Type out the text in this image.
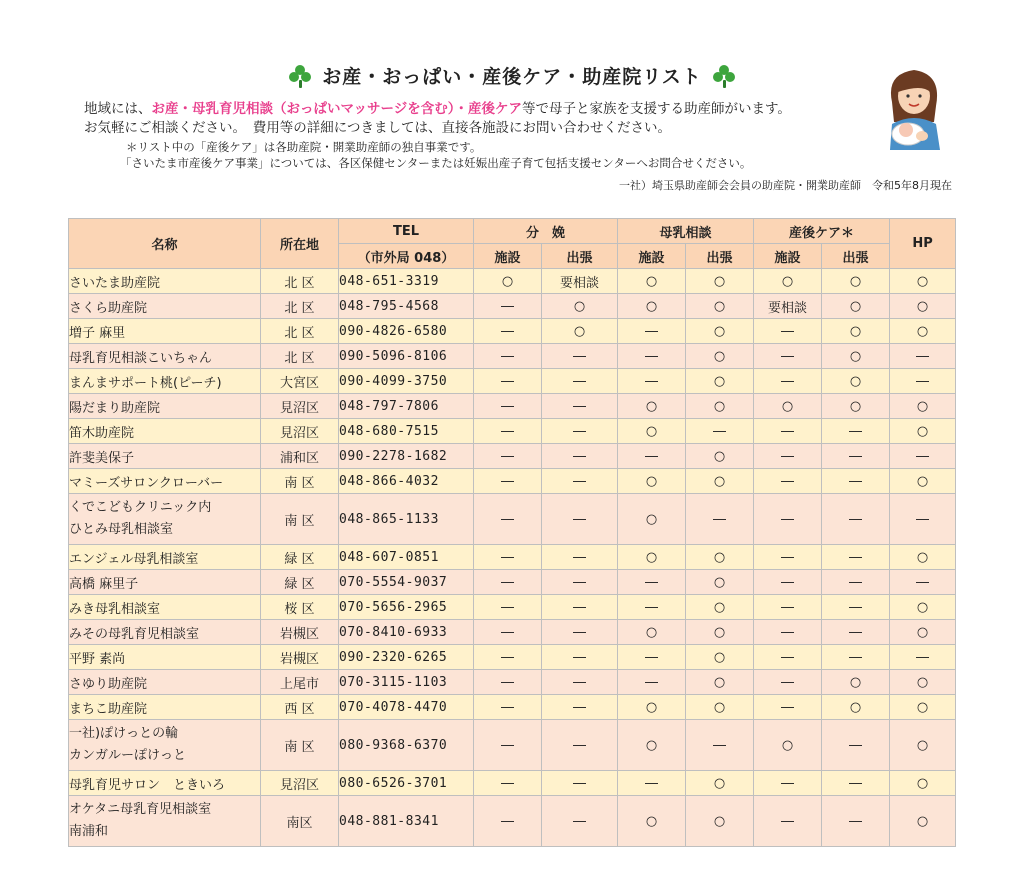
お産・おっぱい・産後ケア・助産院リスト
地域には、お産・母乳育児相談（おっぱいマッサージを含む）・産後ケア等で母子と家族を支援する助産師がいます。
お気軽にご相談ください。　費用等の詳細につきましては、直接各施設にお問い合わせください。
＊リスト中の「産後ケア」は各助産院・開業助産師の独自事業です。
「さいたま市産後ケア事業」については、各区保健センターまたは妊娠出産子育て包括支援センターへお問合せください。
一社）埼玉県助産師会会員の助産院・開業助産師　令和5年8月現在
名称	所在地	TEL	分　娩		母乳相談		産後ケア＊		HP
		（市外局 048）	施設	出張	施設	出張	施設	出張	
さいたま助産院	北 区	048-651-3319	○	要相談	○	○	○	○	○
さくら助産院	北 区	048-795-4568	―	○	○	○	要相談	○	○
増子 麻里	北 区	090-4826-6580	―	○	―	○	―	○	○
母乳育児相談こいちゃん	北 区	090-5096-8106	―	―	―	○	―	○	―
まんまサポート桃(ピーチ)	大宮区	090-4099-3750	―	―	―	○	―	○	―
陽だまり助産院	見沼区	048-797-7806	―	―	○	○	○	○	○
笛木助産院	見沼区	048-680-7515	―	―	○	―	―	―	○
許斐美保子	浦和区	090-2278-1682	―	―	―	○	―	―	―
マミーズサロンクローバー	南 区	048-866-4032	―	―	○	○	―	―	○

くでこどもクリニック内
ひとみ母乳相談室	南 区	048-865-1133	―	―	○	―	―	―	―
エンジェル母乳相談室	緑 区	048-607-0851	―	―	○	○	―	―	○
高橋 麻里子	緑 区	070-5554-9037	―	―	―	○	―	―	―
みき母乳相談室	桜 区	070-5656-2965	―	―	―	○	―	―	○
みその母乳育児相談室	岩槻区	070-8410-6933	―	―	○	○	―	―	○
平野 素尚	岩槻区	090-2320-6265	―	―	―	○	―	―	―
さゆり助産院	上尾市	070-3115-1103	―	―	―	○	―	○	○
まちこ助産院	西 区	070-4078-4470	―	―	○	○	―	○	○

一社)ぽけっとの輪
カンガルーぽけっと	南 区	080-9368-6370	―	―	○	―	○	―	○
母乳育児サロン　ときいろ	見沼区	080-6526-3701	―	―	―	○	―	―	○

オケタニ母乳育児相談室
南浦和	南区	048-881-8341	―	―	○	○	―	―	○
